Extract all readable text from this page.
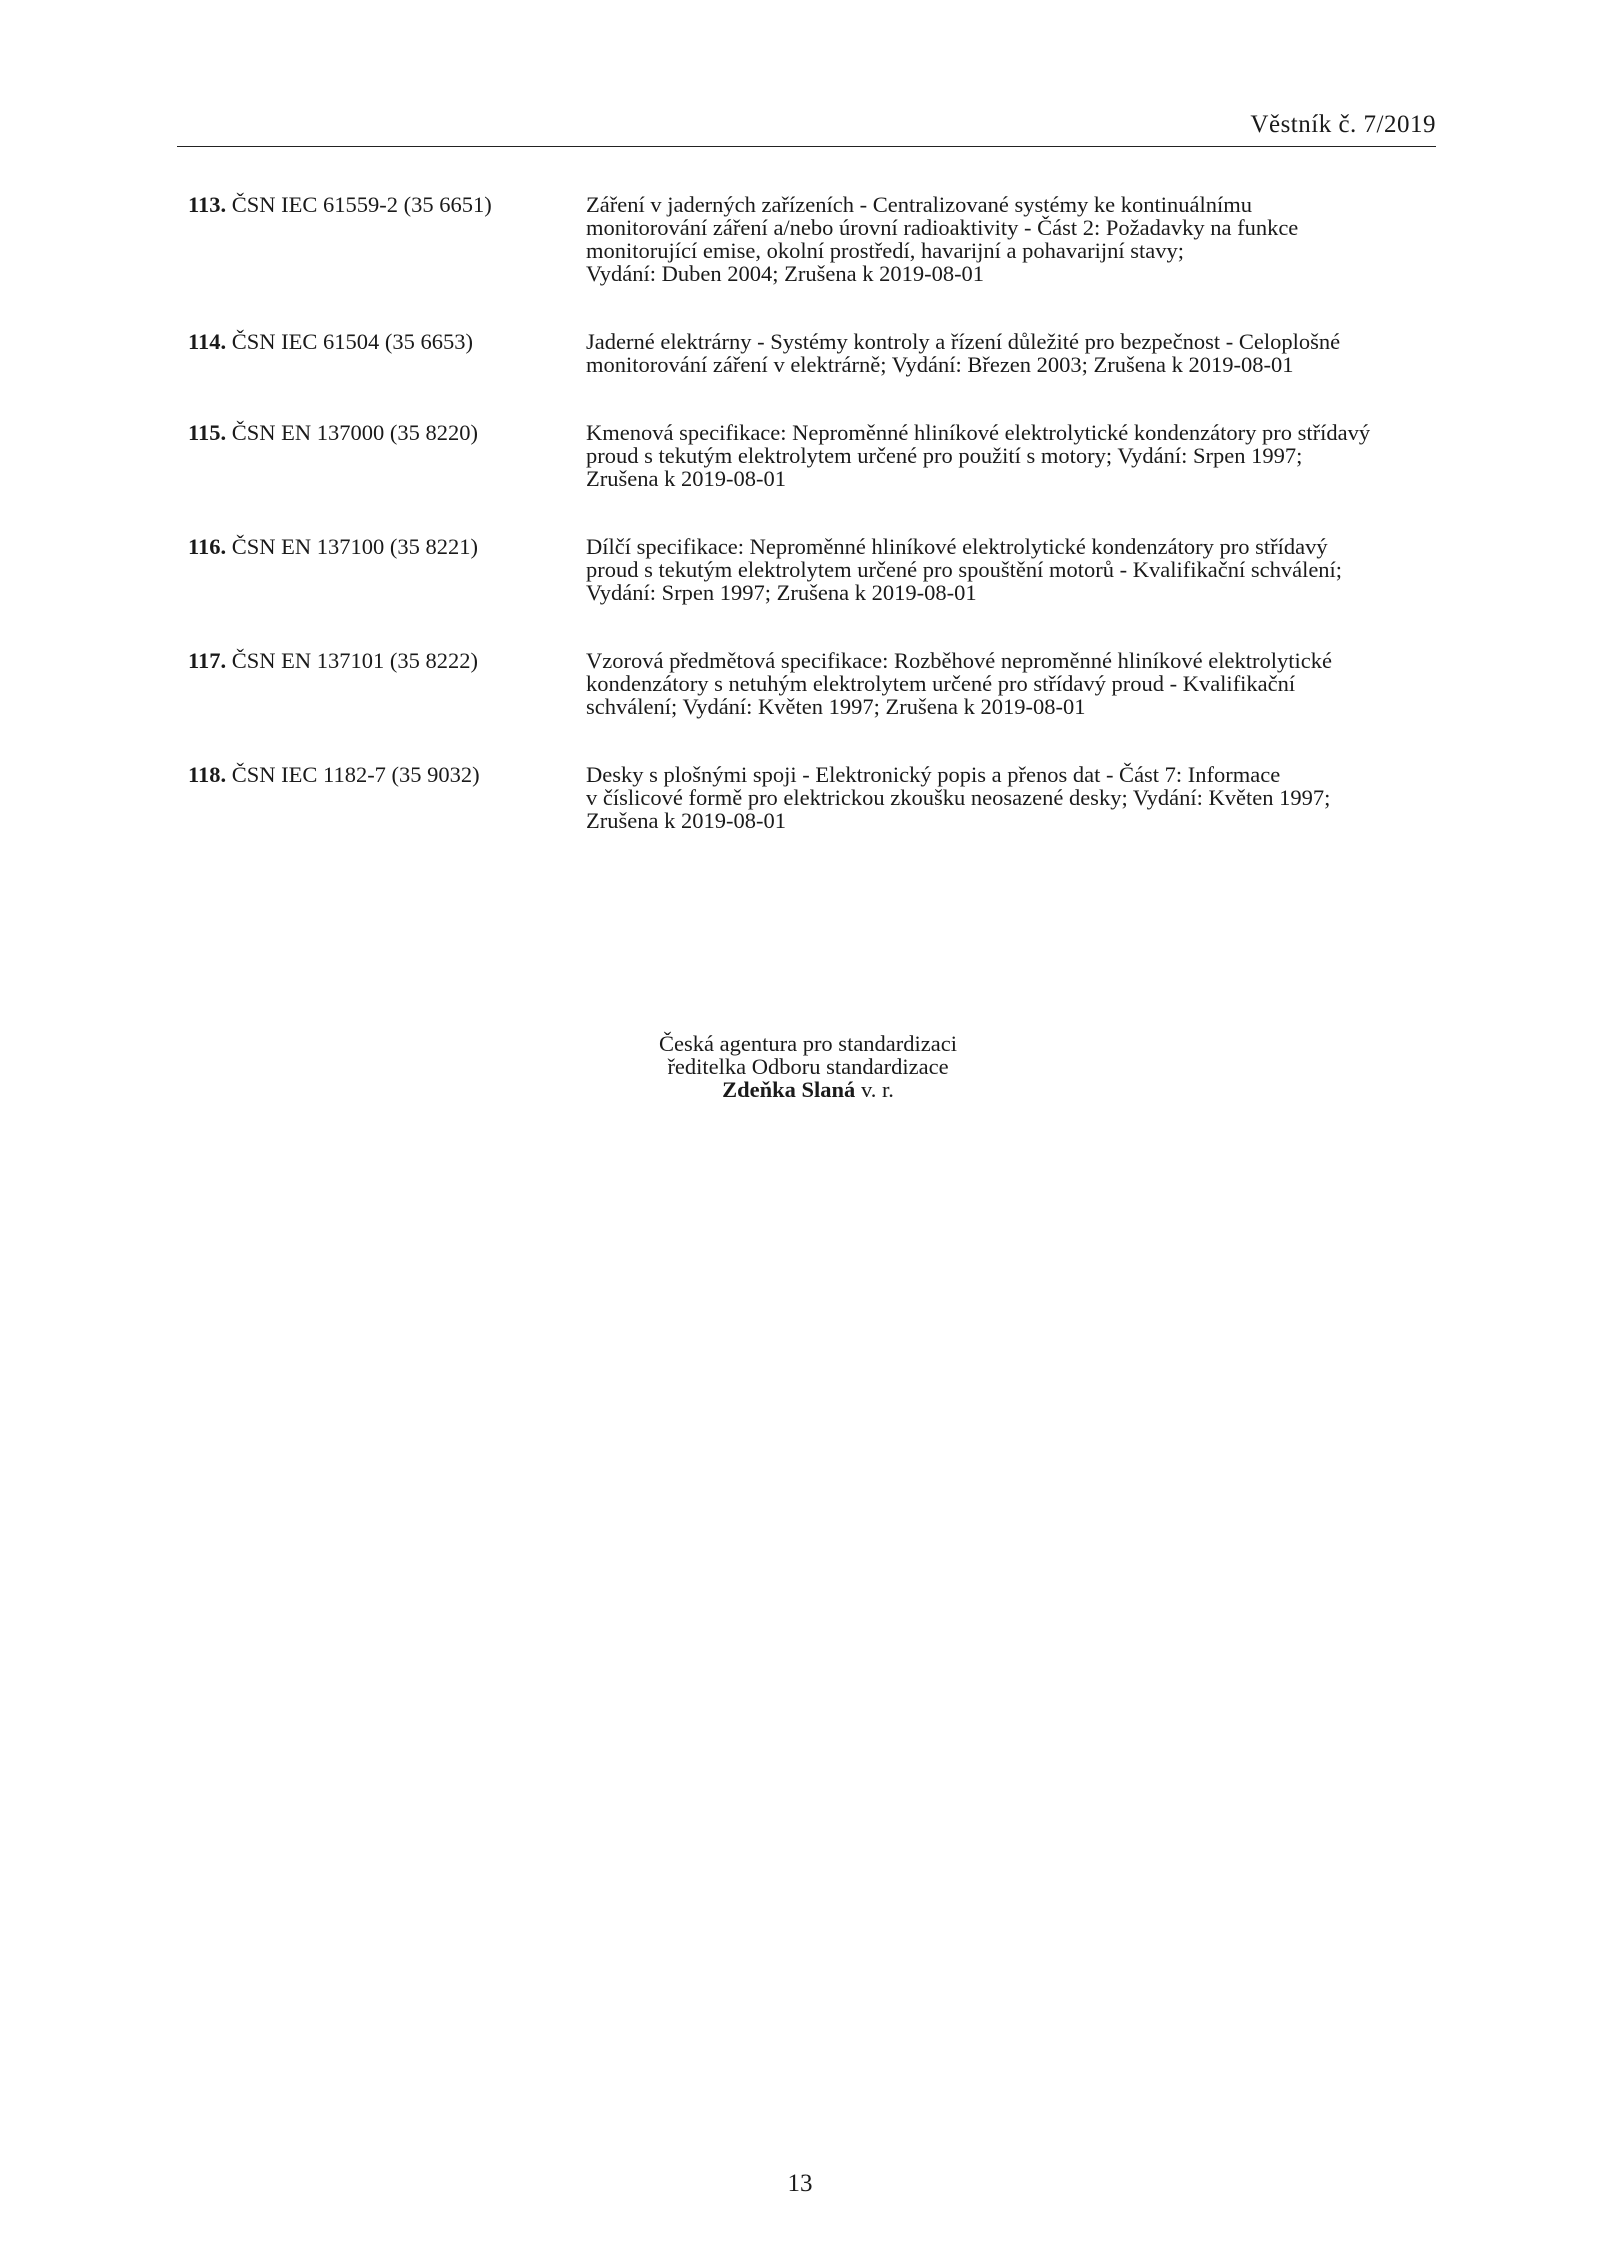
Věstník č. 7/2019
113. ČSN IEC 61559-2 (35 6651)	Záření v jaderných zařízeních - Centralizované systémy ke kontinuálnímu
monitorování záření a/nebo úrovní radioaktivity - Část 2: Požadavky na funkce
monitorující emise, okolní prostředí, havarijní a pohavarijní stavy;
Vydání: Duben 2004; Zrušena k 2019-08-01
114. ČSN IEC 61504 (35 6653)	Jaderné elektrárny - Systémy kontroly a řízení důležité pro bezpečnost - Celoplošné
monitorování záření v elektrárně; Vydání: Březen 2003; Zrušena k 2019-08-01
115. ČSN EN 137000 (35 8220)	Kmenová specifikace: Neproměnné hliníkové elektrolytické kondenzátory pro střídavý
proud s tekutým elektrolytem určené pro použití s motory; Vydání: Srpen 1997;
Zrušena k 2019-08-01
116. ČSN EN 137100 (35 8221)	Dílčí specifikace: Neproměnné hliníkové elektrolytické kondenzátory pro střídavý
proud s tekutým elektrolytem určené pro spouštění motorů - Kvalifikační schválení;
Vydání: Srpen 1997; Zrušena k 2019-08-01
117. ČSN EN 137101 (35 8222)	Vzorová předmětová specifikace: Rozběhové neproměnné hliníkové elektrolytické
kondenzátory s netuhým elektrolytem určené pro střídavý proud - Kvalifikační
schválení; Vydání: Květen 1997; Zrušena k 2019-08-01
118. ČSN IEC 1182-7 (35 9032)	Desky s plošnými spoji - Elektronický popis a přenos dat - Část 7: Informace
v číslicové formě pro elektrickou zkoušku neosazené desky; Vydání: Květen 1997;
Zrušena k 2019-08-01
Česká agentura pro standardizaci
ředitelka Odboru standardizace
Zdeňka Slaná v. r.
13
